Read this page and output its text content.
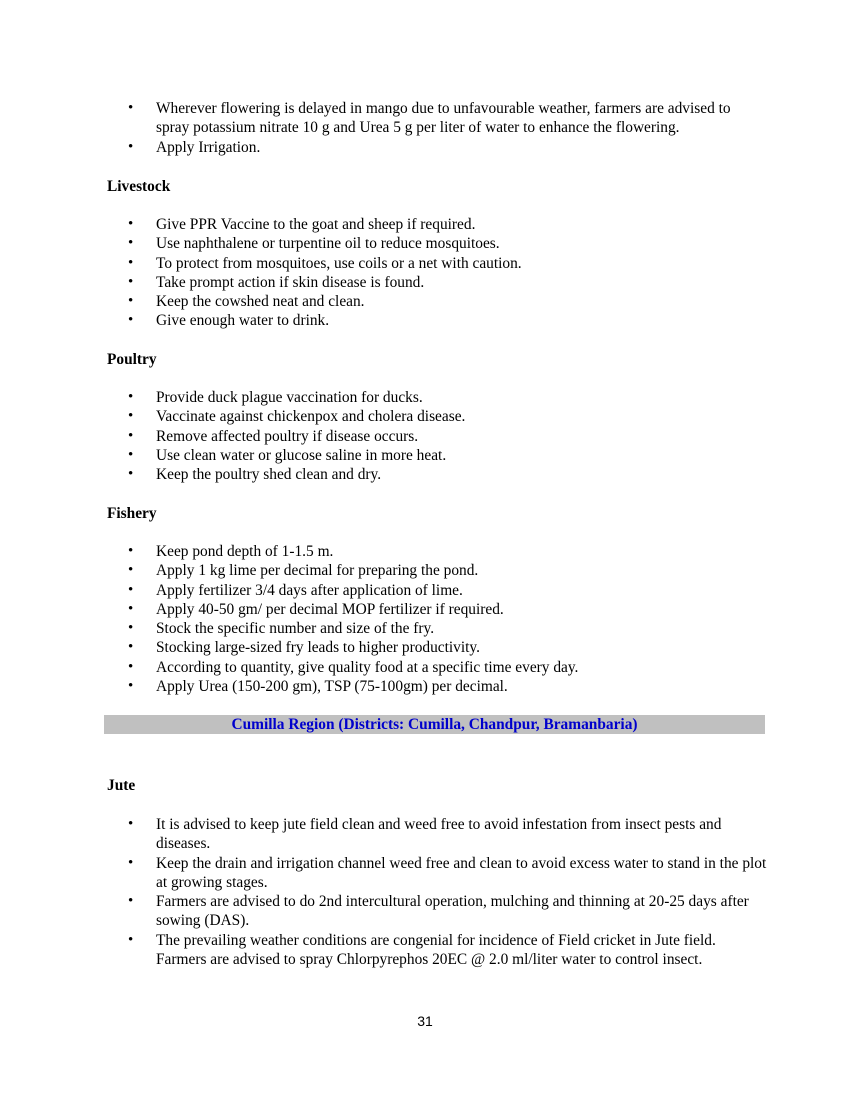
• Wherever flowering is delayed in mango due to unfavourable weather, farmers are advised to spray potassium nitrate 10 g and Urea 5 g per liter of water to enhance the flowering.
• Apply Irrigation.
Livestock
• Give PPR Vaccine to the goat and sheep if required.
• Use naphthalene or turpentine oil to reduce mosquitoes.
• To protect from mosquitoes, use coils or a net with caution.
• Take prompt action if skin disease is found.
• Keep the cowshed neat and clean.
• Give enough water to drink.
Poultry
• Provide duck plague vaccination for ducks.
• Vaccinate against chickenpox and cholera disease.
• Remove affected poultry if disease occurs.
• Use clean water or glucose saline in more heat.
• Keep the poultry shed clean and dry.
Fishery
• Keep pond depth of 1-1.5 m.
• Apply 1 kg lime per decimal for preparing the pond.
• Apply fertilizer 3/4 days after application of lime.
• Apply 40-50 gm/ per decimal MOP fertilizer if required.
• Stock the specific number and size of the fry.
• Stocking large-sized fry leads to higher productivity.
• According to quantity, give quality food at a specific time every day.
• Apply Urea (150-200 gm), TSP (75-100gm) per decimal.
Cumilla Region (Districts: Cumilla, Chandpur, Bramanbaria)
Jute
• It is advised to keep jute field clean and weed free to avoid infestation from insect pests and diseases.
• Keep the drain and irrigation channel weed free and clean to avoid excess water to stand in the plot at growing stages.
• Farmers are advised to do 2nd intercultural operation, mulching and thinning at 20-25 days after sowing (DAS).
• The prevailing weather conditions are congenial for incidence of Field cricket in Jute field. Farmers are advised to spray Chlorpyrephos 20EC @ 2.0 ml/liter water to control insect.
31
